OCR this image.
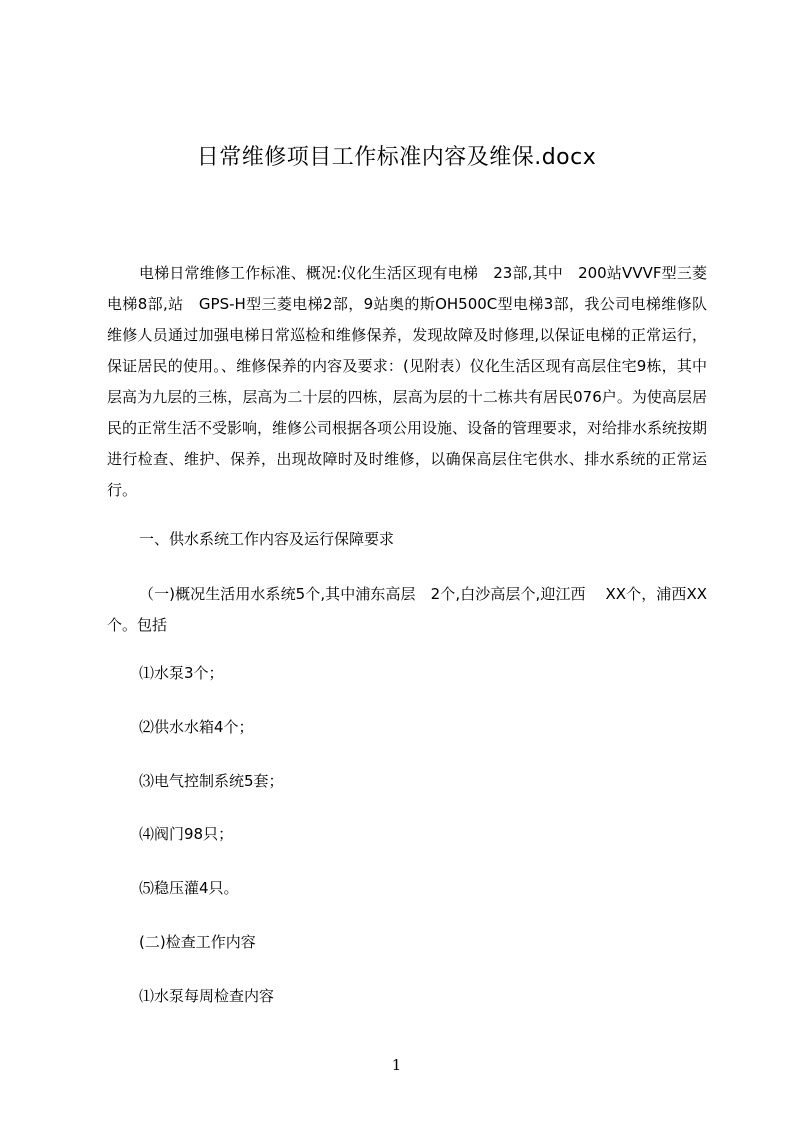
日常维修项目工作标准内容及维保.docx

电梯日常维修工作标准、概况:仪化生活区现有电梯　23部,其中　200站VVVF型三菱电梯8部,站　GPS-H型三菱电梯2部，9站奥的斯OH500C型电梯3部，我公司电梯维修队维修人员通过加强电梯日常巡检和维修保养，发现故障及时修理,以保证电梯的正常运行，保证居民的使用。、维修保养的内容及要求：(见附表）仪化生活区现有高层住宅9栋，其中层高为九层的三栋，层高为二十层的四栋，层高为层的十二栋共有居民076户。为使高层居民的正常生活不受影响，维修公司根据各项公用设施、设备的管理要求，对给排水系统按期进行检查、维护、保养，出现故障时及时维修，以确保高层住宅供水、排水系统的正常运行。

一、供水系统工作内容及运行保障要求

（一)概况生活用水系统5个,其中浦东高层　2个,白沙高层个,迎江西　 XX个，浦西XX个。包括

⑴水泵3个；

⑵供水水箱4个；

⑶电气控制系统5套；

⑷阀门98只；

⑸稳压灌4只。

(二)检查工作内容

⑴水泵每周检查内容

1
